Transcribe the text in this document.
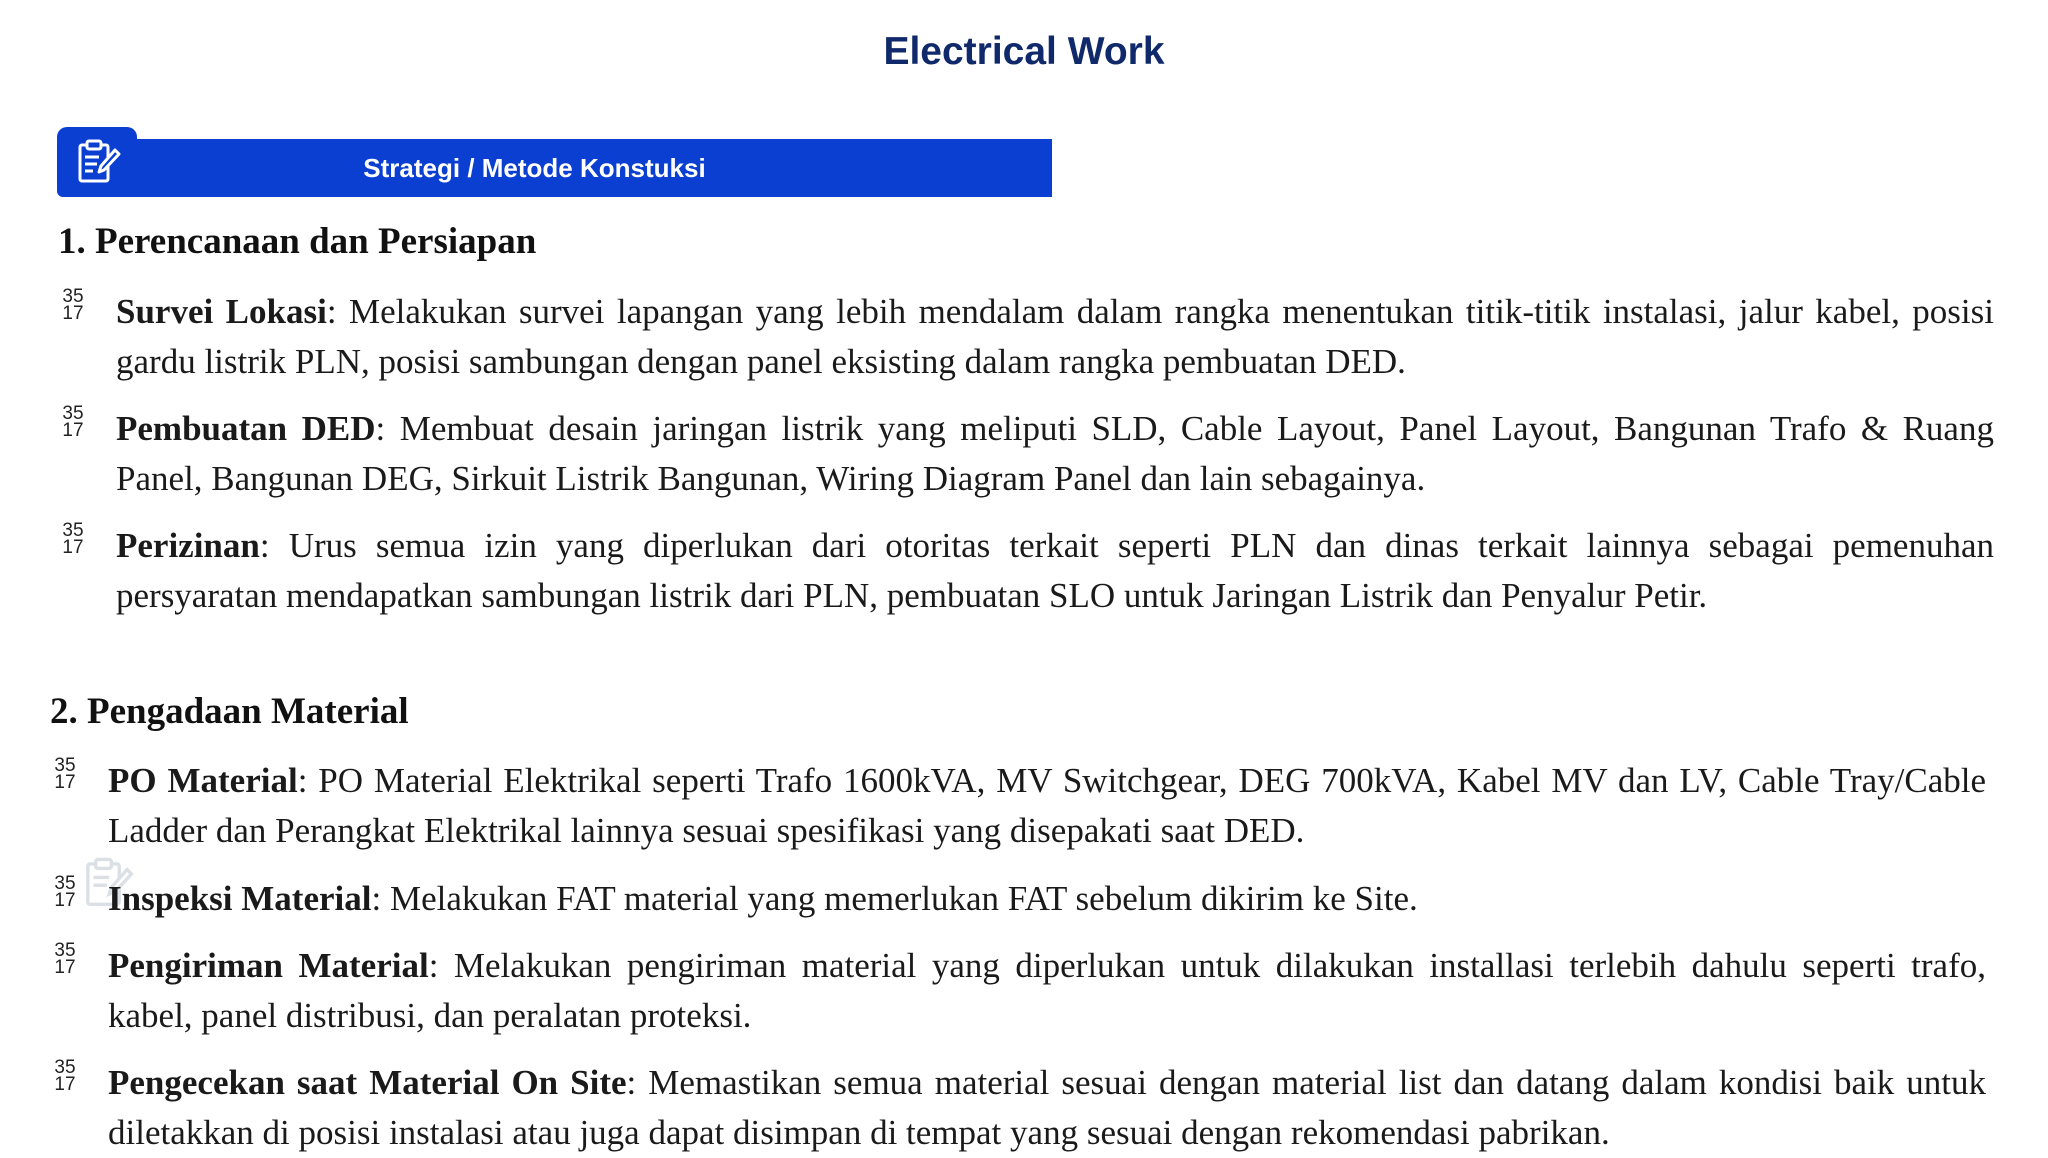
Electrical Work
Strategi / Metode Konstuksi
1. Perencanaan dan Persiapan
35
17 Survei Lokasi: Melakukan survei lapangan yang lebih mendalam dalam rangka menentukan titik-titik instalasi, jalur kabel, posisi gardu listrik PLN, posisi sambungan dengan panel eksisting dalam rangka pembuatan DED.
35
17 Pembuatan DED: Membuat desain jaringan listrik yang meliputi SLD, Cable Layout, Panel Layout, Bangunan Trafo & Ruang Panel, Bangunan DEG, Sirkuit Listrik Bangunan, Wiring Diagram Panel dan lain sebagainya.
35
17 Perizinan: Urus semua izin yang diperlukan dari otoritas terkait seperti PLN dan dinas terkait lainnya sebagai pemenuhan persyaratan mendapatkan sambungan listrik dari PLN, pembuatan SLO untuk Jaringan Listrik dan Penyalur Petir.
2. Pengadaan Material
35
17 PO Material: PO Material Elektrikal seperti Trafo 1600kVA, MV Switchgear, DEG 700kVA, Kabel MV dan LV, Cable Tray/Cable Ladder dan Perangkat Elektrikal lainnya sesuai spesifikasi yang disepakati saat DED.
35
17 Inspeksi Material: Melakukan FAT material yang memerlukan FAT sebelum dikirim ke Site.
35
17 Pengiriman Material: Melakukan pengiriman material yang diperlukan untuk dilakukan installasi terlebih dahulu seperti trafo, kabel, panel distribusi, dan peralatan proteksi.
35
17 Pengecekan saat Material On Site: Memastikan semua material sesuai dengan material list dan datang dalam kondisi baik untuk diletakkan di posisi instalasi atau juga dapat disimpan di tempat yang sesuai dengan rekomendasi pabrikan.
